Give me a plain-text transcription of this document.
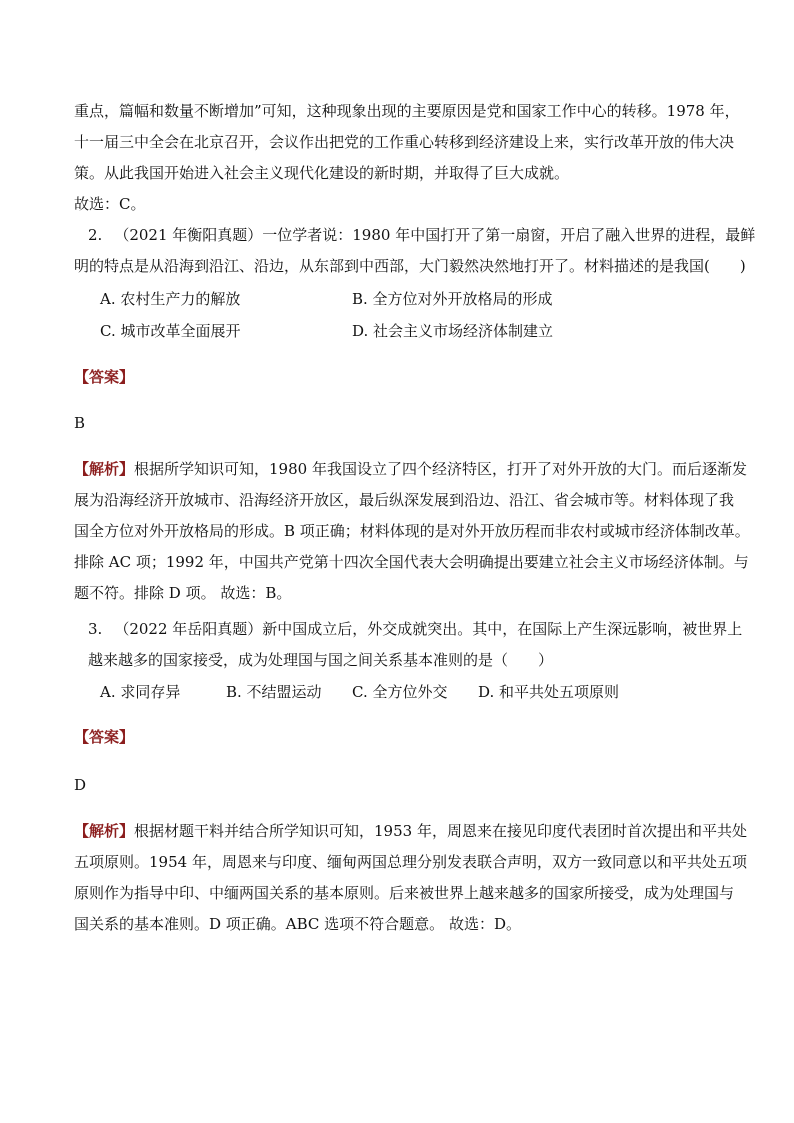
重点，篇幅和数量不断增加”可知，这种现象出现的主要原因是党和国家工作中心的转移。1978 年，
十一届三中全会在北京召开，会议作出把党的工作重心转移到经济建设上来，实行改革开放的伟大决
策。从此我国开始进入社会主义现代化建设的新时期，并取得了巨大成就。
故选：C。
2. （2021 年衡阳真题）一位学者说：1980 年中国打开了第一扇窗，开启了融入世界的进程，最鲜
明的特点是从沿海到沿江、沿边，从东部到中西部，大门毅然决然地打开了。材料描述的是我国(　　)
A. 农村生产力的解放	B. 全方位对外开放格局的形成
C. 城市改革全面展开	D. 社会主义市场经济体制建立
【答案】
B
【解析】根据所学知识可知，1980 年我国设立了四个经济特区，打开了对外开放的大门。而后逐渐发
展为沿海经济开放城市、沿海经济开放区，最后纵深发展到沿边、沿江、省会城市等。材料体现了我
国全方位对外开放格局的形成。B 项正确；材料体现的是对外开放历程而非农村或城市经济体制改革。
排除 AC 项；1992 年，中国共产党第十四次全国代表大会明确提出要建立社会主义市场经济体制。与
题不符。排除 D 项。 故选：B。
3. （2022 年岳阳真题）新中国成立后，外交成就突出。其中，在国际上产生深远影响，被世界上
越来越多的国家接受，成为处理国与国之间关系基本准则的是（　　）
A. 求同存异	B. 不结盟运动 C. 全方位外交 D. 和平共处五项原则
【答案】
D
【解析】根据材题干料并结合所学知识可知，1953 年，周恩来在接见印度代表团时首次提出和平共处
五项原则。1954 年，周恩来与印度、缅甸两国总理分别发表联合声明，双方一致同意以和平共处五项
原则作为指导中印、中缅两国关系的基本原则。后来被世界上越来越多的国家所接受，成为处理国与
国关系的基本准则。D 项正确。ABC 选项不符合题意。 故选：D。
